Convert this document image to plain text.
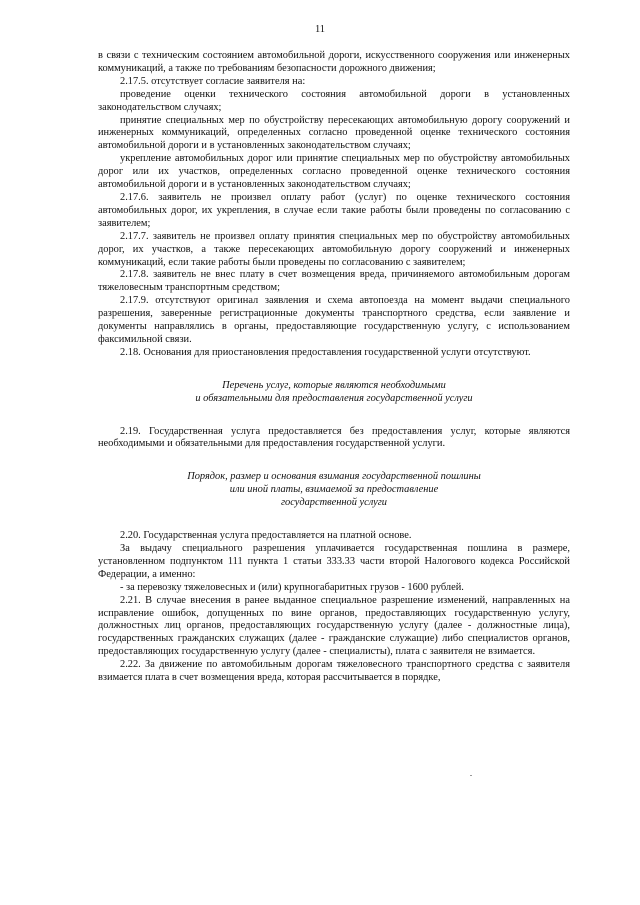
11

в связи с техническим состоянием автомобильной дороги, искусственного сооружения или инженерных коммуникаций, а также по требованиям безопасности дорожного движения;

2.17.5. отсутствует согласие заявителя на:

проведение оценки технического состояния автомобильной дороги в установленных законодательством случаях;

принятие специальных мер по обустройству пересекающих автомобильную дорогу сооружений и инженерных коммуникаций, определенных согласно проведенной оценке технического состояния автомобильной дороги и в установленных законодательством случаях;

укрепление автомобильных дорог или принятие специальных мер по обустройству автомобильных дорог или их участков, определенных согласно проведенной оценке технического состояния автомобильной дороги и в установленных законодательством случаях;

2.17.6. заявитель не произвел оплату работ (услуг) по оценке технического состояния автомобильных дорог, их укрепления, в случае если такие работы были проведены по согласованию с заявителем;

2.17.7. заявитель не произвел оплату принятия специальных мер по обустройству автомобильных дорог, их участков, а также пересекающих автомобильную дорогу сооружений и инженерных коммуникаций, если такие работы были проведены по согласованию с заявителем;

2.17.8. заявитель не внес плату в счет возмещения вреда, причиняемого автомобильным дорогам тяжеловесным транспортным средством;

2.17.9. отсутствуют оригинал заявления и схема автопоезда на момент выдачи специального разрешения, заверенные регистрационные документы транспортного средства, если заявление и документы направлялись в органы, предоставляющие государственную услугу, с использованием факсимильной связи.

2.18. Основания для приостановления предоставления государственной услуги отсутствуют.

Перечень услуг, которые являются необходимыми
и обязательными для предоставления государственной услуги

2.19. Государственная услуга предоставляется без предоставления услуг, которые являются необходимыми и обязательными для предоставления государственной услуги.

Порядок, размер и основания взимания государственной пошлины
или иной платы, взимаемой за предоставление
государственной услуги

2.20. Государственная услуга предоставляется на платной основе.

За выдачу специального разрешения уплачивается государственная пошлина в размере, установленном подпунктом 111 пункта 1 статьи 333.33 части второй Налогового кодекса Российской Федерации, а именно:

- за перевозку тяжеловесных и (или) крупногабаритных грузов - 1600 рублей.

2.21. В случае внесения в ранее выданное специальное разрешение изменений, направленных на исправление ошибок, допущенных по вине органов, предоставляющих государственную услугу, должностных лиц органов, предоставляющих государственную услугу (далее - должностные лица), государственных гражданских служащих (далее - гражданские служащие) либо специалистов органов, предоставляющих государственную услугу (далее - специалисты), плата с заявителя не взимается.

2.22. За движение по автомобильным дорогам тяжеловесного транспортного средства с заявителя взимается плата в счет возмещения вреда, которая рассчитывается в порядке,
